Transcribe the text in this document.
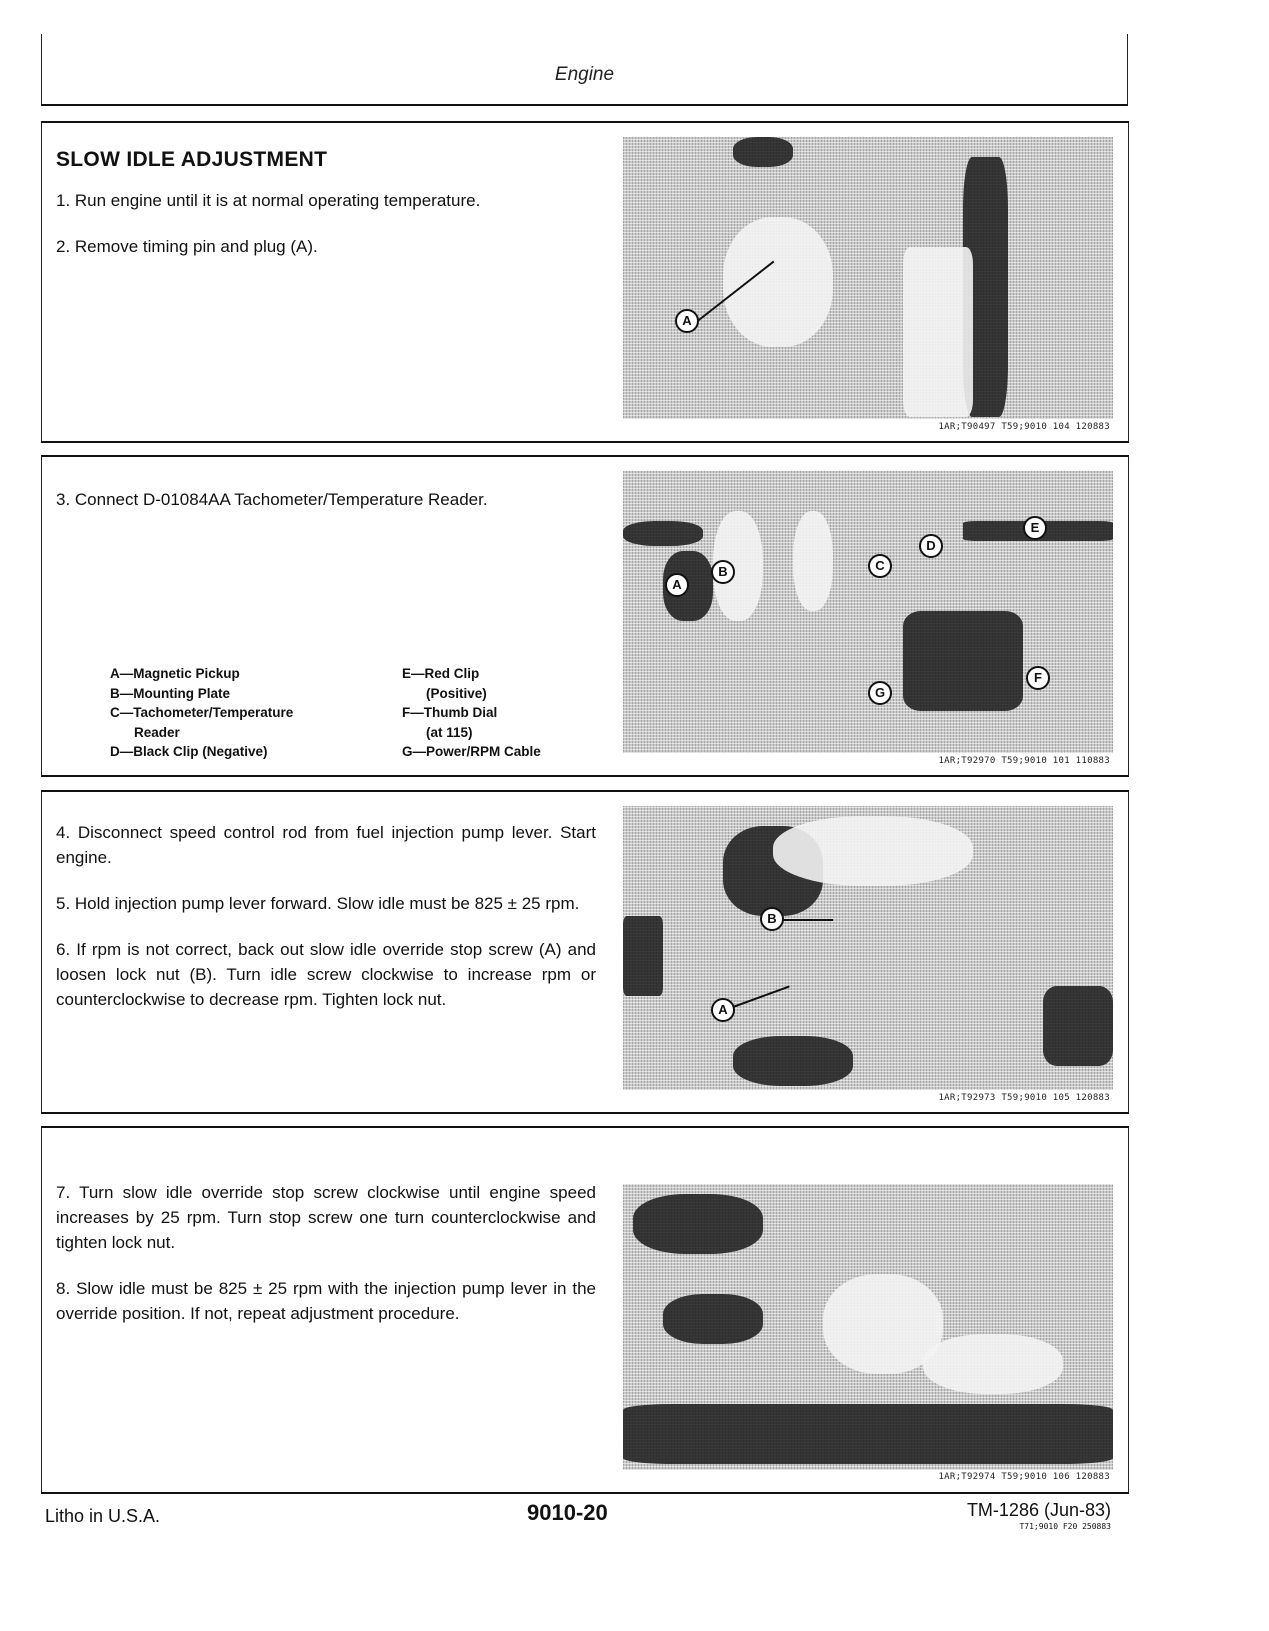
Engine
SLOW IDLE ADJUSTMENT

1. Run engine until it is at normal operating temperature.

2. Remove timing pin and plug (A).

A
1AR;T90497 T59;9010 104 120883

3. Connect D-01084AA Tachometer/Temperature Reader.

A—Magnetic Pickup
B—Mounting Plate
C—Tachometer/Temperature
Reader
D—Black Clip (Negative)
E—Red Clip
(Positive)
F—Thumb Dial
(at 115)
G—Power/RPM Cable
A
B	C
D
E
F
G
1AR;T92970 T59;9010 101 110883

4. Disconnect speed control rod from fuel injection pump lever. Start engine.

5. Hold injection pump lever forward. Slow idle must be 825 ± 25 rpm.

6. If rpm is not correct, back out slow idle override stop screw (A) and loosen lock nut (B). Turn idle screw clockwise to increase rpm or counterclockwise to decrease rpm. Tighten lock nut.

B
A
1AR;T92973 T59;9010 105 120883

7. Turn slow idle override stop screw clockwise until engine speed increases by 25 rpm. Turn stop screw one turn counterclockwise and tighten lock nut.

8. Slow idle must be 825 ± 25 rpm with the injection pump lever in the override position. If not, repeat adjustment procedure.

1AR;T92974 T59;9010 106 120883
Litho in U.S.A.	9010-20	TM-1286 (Jun-83)
T71;9010 F20 250883
